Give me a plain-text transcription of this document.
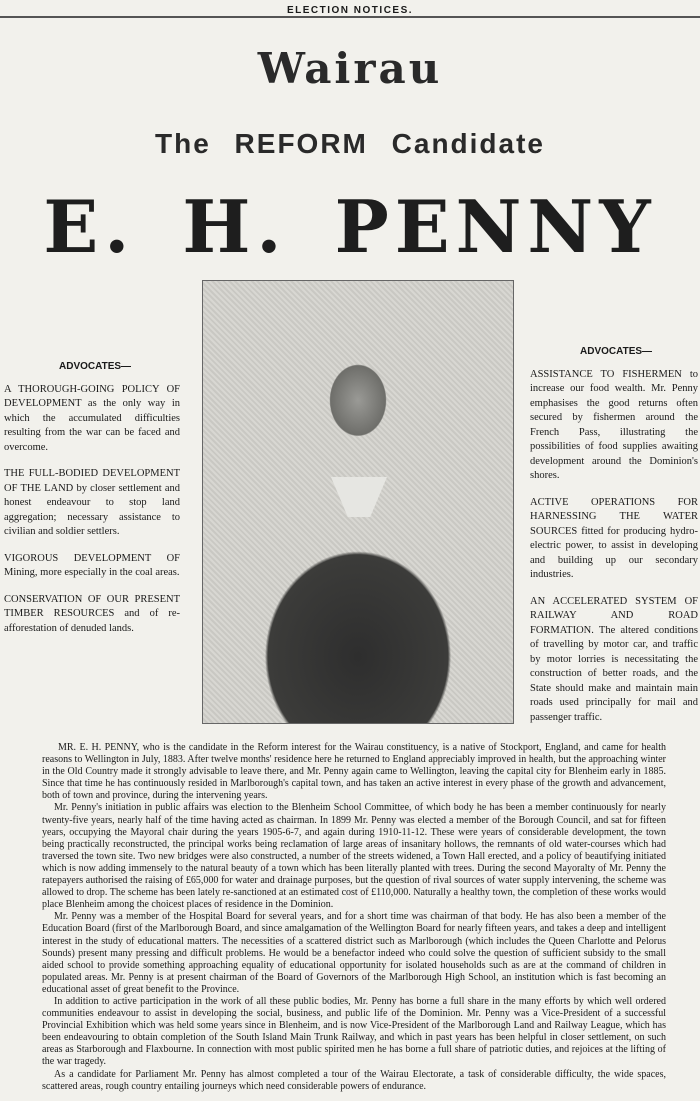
ELECTION NOTICES.
Wairau
The REFORM Candidate
E. H. PENNY
ADVOCATES—
A THOROUGH-GOING POLICY OF DEVELOPMENT as the only way in which the accumulated difficulties resulting from the war can be faced and overcome.
THE FULL-BODIED DEVELOPMENT OF THE LAND by closer settlement and honest endeavour to stop land aggregation; necessary assistance to civilian and soldier settlers.
VIGOROUS DEVELOPMENT OF Mining, more especially in the coal areas.
CONSERVATION OF OUR PRESENT TIMBER RESOURCES and of re-afforestation of denuded lands.
ADVOCATES—
ASSISTANCE TO FISHERMEN to increase our food wealth. Mr. Penny emphasises the good returns often secured by fishermen around the French Pass, illustrating the possibilities of food supplies awaiting development around the Dominion's shores.
ACTIVE OPERATIONS FOR HARNESSING THE WATER SOURCES fitted for producing hydro-electric power, to assist in developing and building up our secondary industries.
AN ACCELERATED SYSTEM OF RAILWAY AND ROAD FORMATION. The altered conditions of travelling by motor car, and traffic by motor lorries is necessitating the construction of better roads, and the State should make and maintain main roads used principally for mail and passenger traffic.

MR. E. H. PENNY, who is the candidate in the Reform interest for the Wairau constituency, is a native of Stockport, England, and came for health reasons to Wellington in July, 1883. After twelve months' residence here he returned to England appreciably improved in health, but the approaching winter in the Old Country made it strongly advisable to leave there, and Mr. Penny again came to Wellington, leaving the capital city for Blenheim early in 1885. Since that time he has continuously resided in Marlborough's capital town, and has taken an active interest in every phase of the growth and advancement, both of town and province, during the intervening years.

Mr. Penny's initiation in public affairs was election to the Blenheim School Committee, of which body he has been a member continuously for nearly twenty-five years, nearly half of the time having acted as chairman. In 1899 Mr. Penny was elected a member of the Borough Council, and sat for fifteen years, occupying the Mayoral chair during the years 1905-6-7, and again during 1910-11-12. These were years of considerable development, the town being practically reconstructed, the principal works being reclamation of large areas of insanitary hollows, the remnants of old water-courses which had traversed the town site. Two new bridges were also constructed, a number of the streets widened, a Town Hall erected, and a policy of beautifying initiated which is now adding immensely to the natural beauty of a town which has been literally planted with trees. During the second Mayoralty of Mr. Penny the ratepayers authorised the raising of £65,000 for water and drainage purposes, but the question of rival sources of water supply intervening, the scheme was allowed to drop. The scheme has been lately re-sanctioned at an estimated cost of £110,000. Naturally a healthy town, the completion of these works would place Blenheim among the choicest places of residence in the Dominion.

Mr. Penny was a member of the Hospital Board for several years, and for a short time was chairman of that body. He has also been a member of the Education Board (first of the Marlborough Board, and since amalgamation of the Wellington Board for nearly fifteen years, and takes a deep and intelligent interest in the study of educational matters. The necessities of a scattered district such as Marlborough (which includes the Queen Charlotte and Pelorus Sounds) present many pressing and difficult problems. He would be a benefactor indeed who could solve the question of sufficient subsidy to the small aided school to provide something approaching equality of educational opportunity for isolated households such as are at the command of children in populated areas. Mr. Penny is at present chairman of the Board of Governors of the Marlborough High School, an institution which is fast becoming an educational asset of great benefit to the Province.

In addition to active participation in the work of all these public bodies, Mr. Penny has borne a full share in the many efforts by which well ordered communities endeavour to assist in developing the social, business, and public life of the Dominion. Mr. Penny was a Vice-President of a successful Provincial Exhibition which was held some years since in Blenheim, and is now Vice-President of the Marlborough Land and Railway League, which has been endeavouring to obtain completion of the South Island Main Trunk Railway, and which in past years has been helpful in closer settlement, on such areas as Starborough and Flaxbourne. In connection with most public spirited men he has borne a full share of patriotic duties, and rejoices at the lifting of the war tragedy.

As a candidate for Parliament Mr. Penny has almost completed a tour of the Wairau Electorate, a task of considerable difficulty, the wide spaces, scattered areas, rough country entailing journeys which need considerable powers of endurance.
